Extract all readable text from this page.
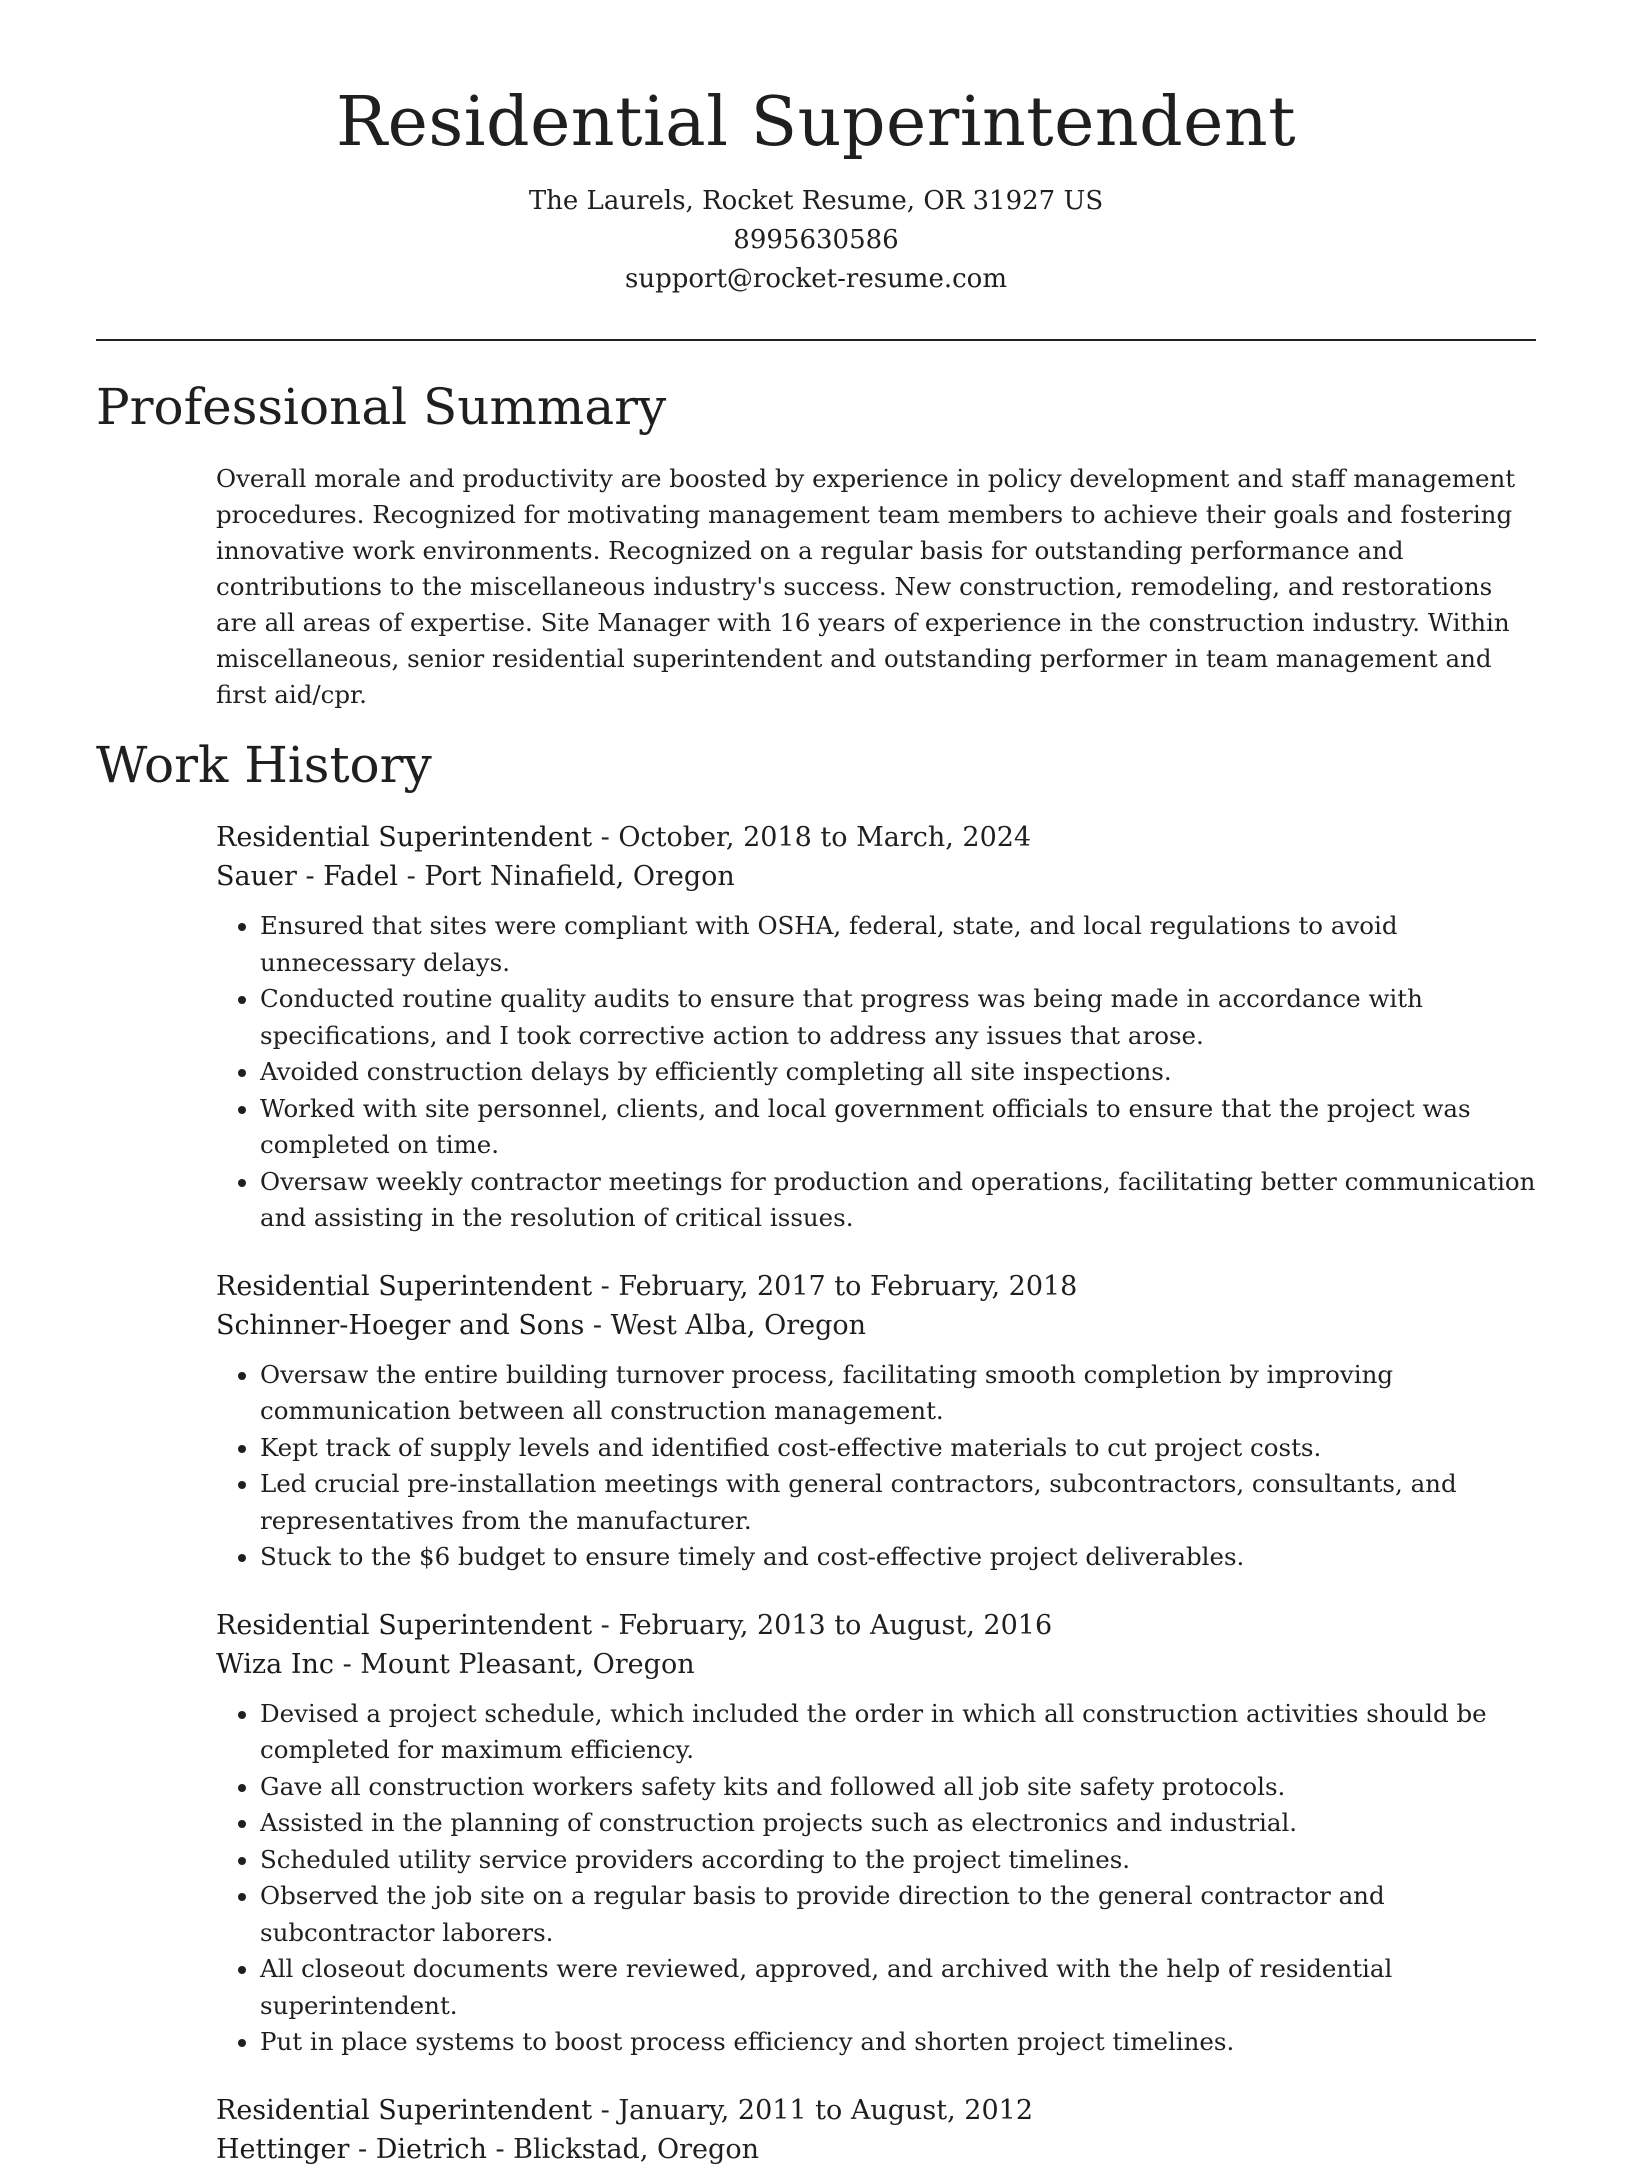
Residential Superintendent
The Laurels, Rocket Resume, OR 31927 US
8995630586
support@rocket-resume.com
Professional Summary

Overall morale and productivity are boosted by experience in policy development and staff management procedures. Recognized for motivating management team members to achieve their goals and fostering innovative work environments. Recognized on a regular basis for outstanding performance and contributions to the miscellaneous industry's success. New construction, remodeling, and restorations are all areas of expertise. Site Manager with 16 years of experience in the construction industry. Within miscellaneous, senior residential superintendent and outstanding performer in team management and first aid/cpr.

Work History

Residential Superintendent - October, 2018 to March, 2024

Sauer - Fadel - Port Ninafield, Oregon

• Ensured that sites were compliant with OSHA, federal, state, and local regulations to avoid unnecessary delays.
• Conducted routine quality audits to ensure that progress was being made in accordance with specifications, and I took corrective action to address any issues that arose.
• Avoided construction delays by efficiently completing all site inspections.
• Worked with site personnel, clients, and local government officials to ensure that the project was completed on time.
• Oversaw weekly contractor meetings for production and operations, facilitating better communication and assisting in the resolution of critical issues.

Residential Superintendent - February, 2017 to February, 2018

Schinner-Hoeger and Sons - West Alba, Oregon

• Oversaw the entire building turnover process, facilitating smooth completion by improving communication between all construction management.
• Kept track of supply levels and identified cost-effective materials to cut project costs.
• Led crucial pre-installation meetings with general contractors, subcontractors, consultants, and representatives from the manufacturer.
• Stuck to the $6 budget to ensure timely and cost-effective project deliverables.

Residential Superintendent - February, 2013 to August, 2016

Wiza Inc - Mount Pleasant, Oregon

• Devised a project schedule, which included the order in which all construction activities should be completed for maximum efficiency.
• Gave all construction workers safety kits and followed all job site safety protocols.
• Assisted in the planning of construction projects such as electronics and industrial.
• Scheduled utility service providers according to the project timelines.
• Observed the job site on a regular basis to provide direction to the general contractor and subcontractor laborers.
• All closeout documents were reviewed, approved, and archived with the help of residential superintendent.
• Put in place systems to boost process efficiency and shorten project timelines.

Residential Superintendent - January, 2011 to August, 2012

Hettinger - Dietrich - Blickstad, Oregon
